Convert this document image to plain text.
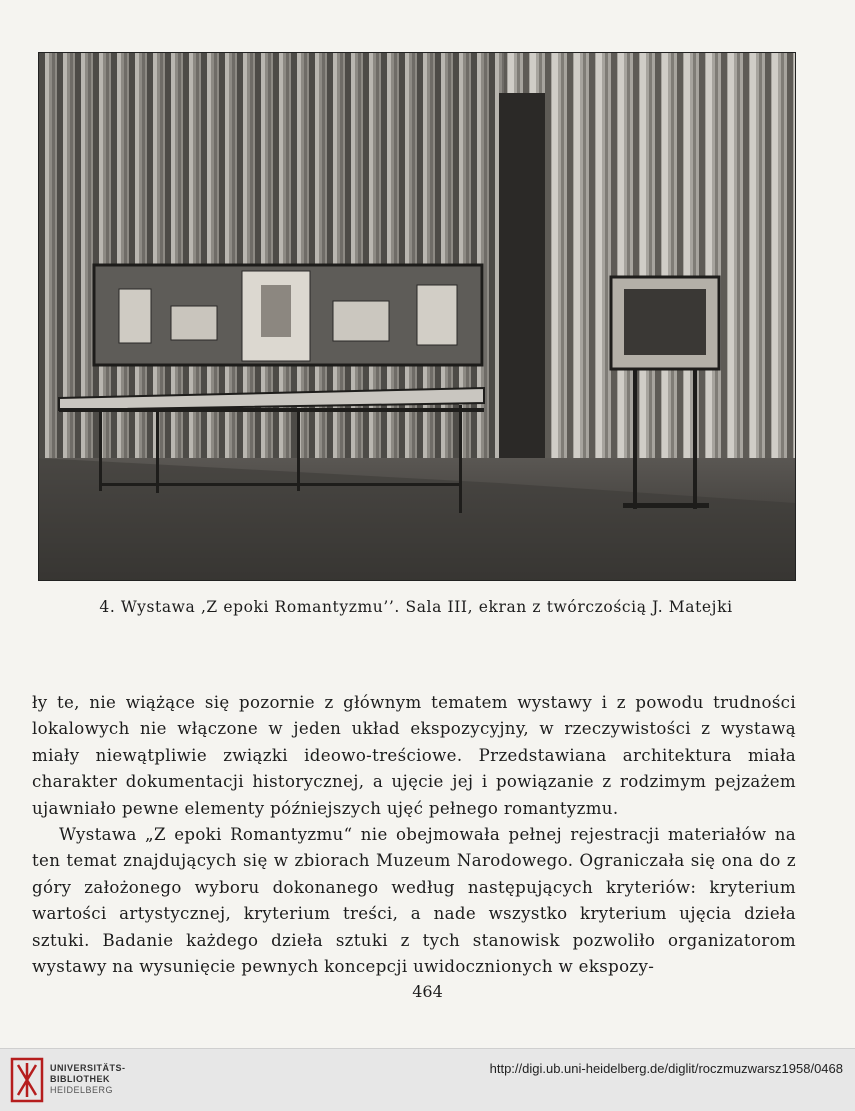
4. Wystawa ‚Z epoki Romantyzmu’’. Sala III, ekran z twórczością J. Matejki

ły te, nie wiążące się pozornie z głównym tematem wystawy i z powodu trudności lokalowych nie włączone w jeden układ ekspozycyjny, w rzeczywistości z wystawą miały niewątpliwie związki ideowo-treściowe. Przedstawiana architektura miała charakter dokumentacji historycznej, a ujęcie jej i powiązanie z rodzimym pejzażem ujawniało pewne elementy późniejszych ujęć pełnego romantyzmu.

Wystawa „Z epoki Romantyzmu“ nie obejmowała pełnej rejestracji materiałów na ten temat znajdujących się w zbiorach Muzeum Narodowego. Ograniczała się ona do z góry założonego wyboru dokonanego według następujących kryteriów: kryterium wartości artystycznej, kryterium treści, a nade wszystko kryterium ujęcia dzieła sztuki. Badanie każdego dzieła sztuki z tych stanowisk pozwoliło organizatorom wystawy na wysunięcie pewnych koncepcji uwidocznionych w ekspozy-

464
UNIVERSITÄTS-
BIBLIOTHEK
HEIDELBERG
http://digi.ub.uni-heidelberg.de/diglit/roczmuzwarsz1958/0468
